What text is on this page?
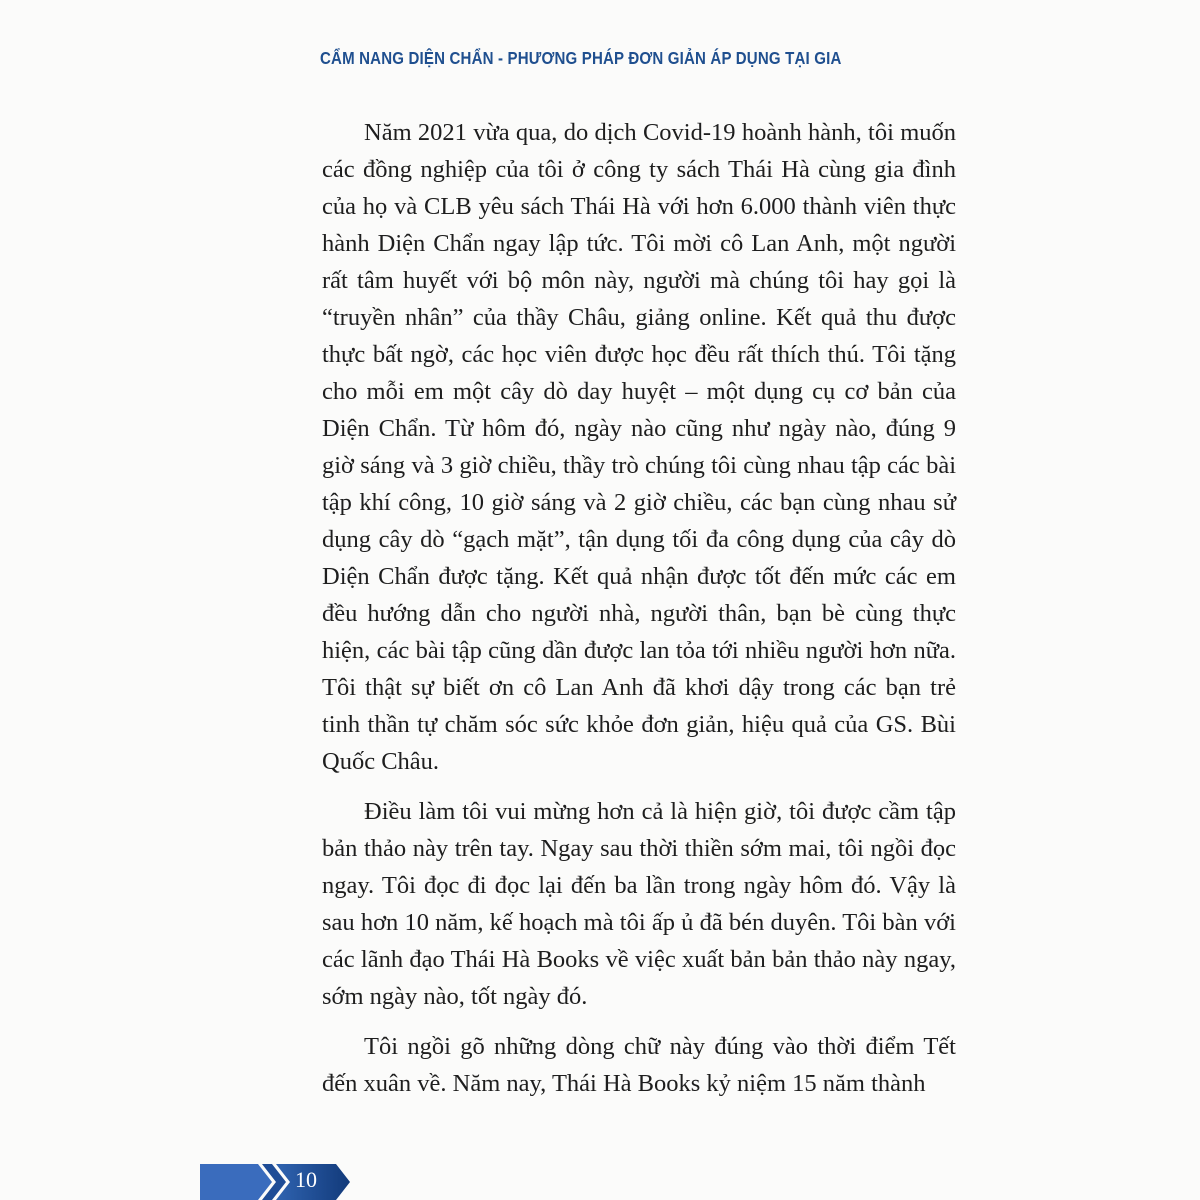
CẨM NANG DIỆN CHẨN - PHƯƠNG PHÁP ĐƠN GIẢN ÁP DỤNG TẠI GIA

Năm 2021 vừa qua, do dịch Covid-19 hoành hành, tôi muốn các đồng nghiệp của tôi ở công ty sách Thái Hà cùng gia đình của họ và CLB yêu sách Thái Hà với hơn 6.000 thành viên thực hành Diện Chẩn ngay lập tức. Tôi mời cô Lan Anh, một người rất tâm huyết với bộ môn này, người mà chúng tôi hay gọi là “truyền nhân” của thầy Châu, giảng online. Kết quả thu được thực bất ngờ, các học viên được học đều rất thích thú. Tôi tặng cho mỗi em một cây dò day huyệt – một dụng cụ cơ bản của Diện Chẩn. Từ hôm đó, ngày nào cũng như ngày nào, đúng 9 giờ sáng và 3 giờ chiều, thầy trò chúng tôi cùng nhau tập các bài tập khí công, 10 giờ sáng và 2 giờ chiều, các bạn cùng nhau sử dụng cây dò “gạch mặt”, tận dụng tối đa công dụng của cây dò Diện Chẩn được tặng. Kết quả nhận được tốt đến mức các em đều hướng dẫn cho người nhà, người thân, bạn bè cùng thực hiện, các bài tập cũng dần được lan tỏa tới nhiều người hơn nữa. Tôi thật sự biết ơn cô Lan Anh đã khơi dậy trong các bạn trẻ tinh thần tự chăm sóc sức khỏe đơn giản, hiệu quả của GS. Bùi Quốc Châu.

Điều làm tôi vui mừng hơn cả là hiện giờ, tôi được cầm tập bản thảo này trên tay. Ngay sau thời thiền sớm mai, tôi ngồi đọc ngay. Tôi đọc đi đọc lại đến ba lần trong ngày hôm đó. Vậy là sau hơn 10 năm, kế hoạch mà tôi ấp ủ đã bén duyên. Tôi bàn với các lãnh đạo Thái Hà Books về việc xuất bản bản thảo này ngay, sớm ngày nào, tốt ngày đó.

Tôi ngồi gõ những dòng chữ này đúng vào thời điểm Tết đến xuân về. Năm nay, Thái Hà Books kỷ niệm 15 năm thành

10
